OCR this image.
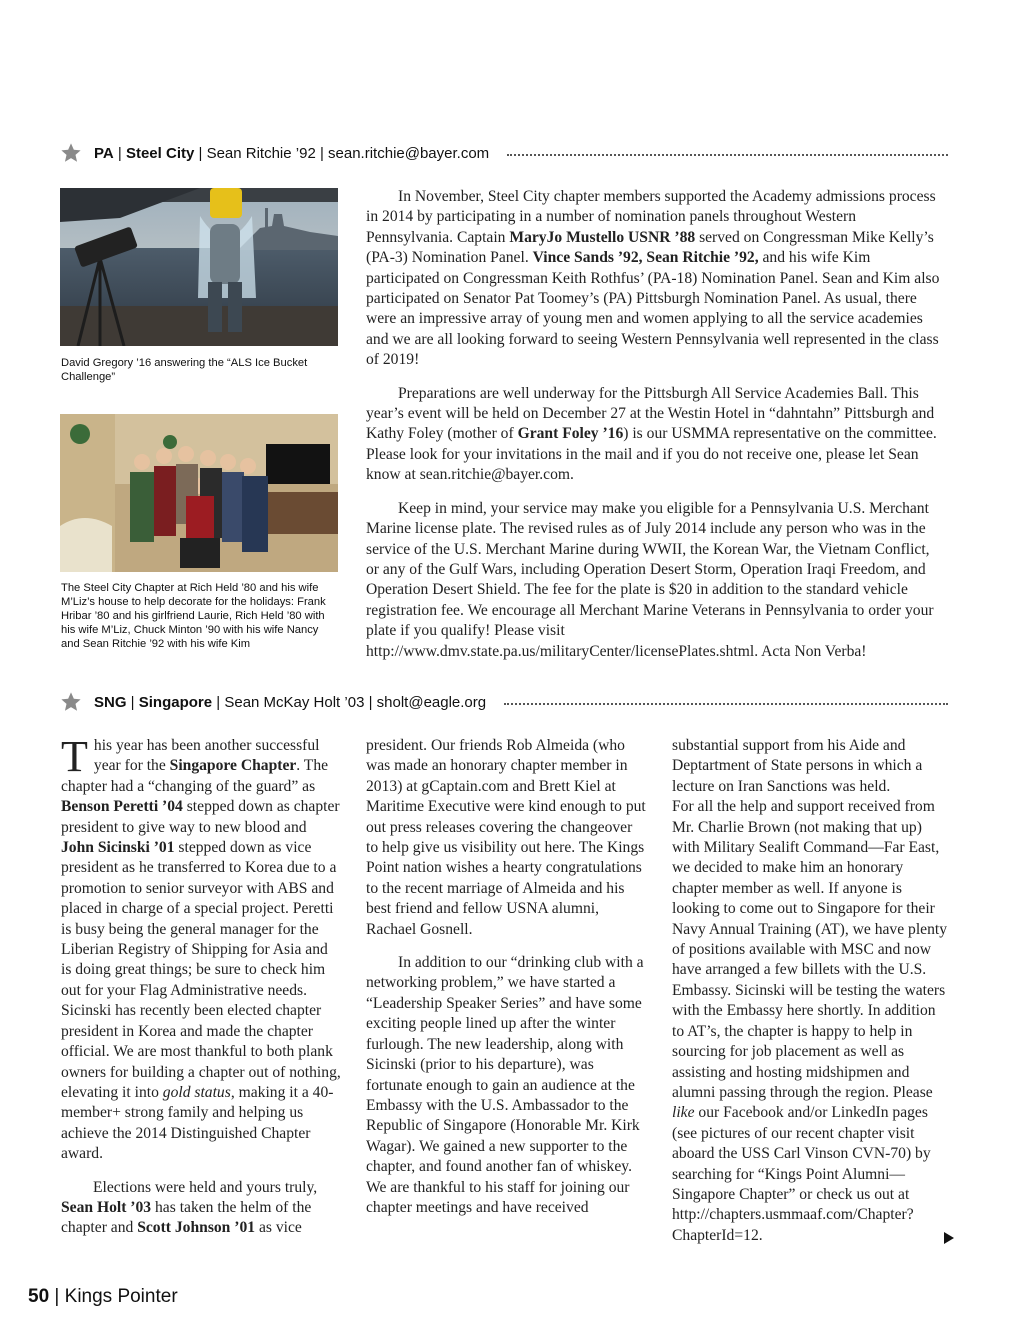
PA | Steel City | Sean Ritchie ’92 | sean.ritchie@bayer.com
David Gregory ’16 answering the “ALS Ice Bucket Challenge”
The Steel City Chapter at Rich Held ’80 and his wife M’Liz’s house to help decorate for the holidays: Frank Hribar ’80 and his girlfriend Laurie, Rich Held ’80 with his wife M’Liz, Chuck Minton ’90 with his wife Nancy and Sean Ritchie ’92 with his wife Kim

In November, Steel City chapter members supported the Academy admissions process in 2014 by participating in a number of nomination panels throughout Western Pennsylvania. Captain MaryJo Mustello USNR ’88 served on Congressman Mike Kelly’s (PA-3) Nomination Panel. Vince Sands ’92, Sean Ritchie ’92, and his wife Kim participated on Congressman Keith Rothfus’ (PA-18) Nomination Panel. Sean and Kim also participated on Senator Pat Toomey’s (PA) Pittsburgh Nomination Panel. As usual, there were an impressive array of young men and women applying to all the service academies and we are all looking forward to seeing Western Pennsylvania well represented in the class of 2019!

Preparations are well underway for the Pittsburgh All Service Academies Ball. This year’s event will be held on December 27 at the Westin Hotel in “dahntahn” Pittsburgh and Kathy Foley (mother of Grant Foley ’16) is our USMMA representative on the committee. Please look for your invitations in the mail and if you do not receive one, please let Sean know at sean.ritchie@bayer.com.

Keep in mind, your service may make you eligible for a Pennsylvania U.S. Merchant Marine license plate. The revised rules as of July 2014 include any person who was in the service of the U.S. Merchant Marine during WWII, the Korean War, the Vietnam Conflict, or any of the Gulf Wars, including Operation Desert Storm, Operation Iraqi Freedom, and Operation Desert Shield. The fee for the plate is $20 in addition to the standard vehicle registration fee. We encourage all Merchant Marine Veterans in Pennsylvania to order your plate if you qualify! Please visit http://www.dmv.state.pa.us/militaryCenter/licensePlates.shtml. Acta Non Verba!

SNG | Singapore | Sean McKay Holt ’03 | sholt@eagle.org

This year has been another successful year for the Singapore Chapter. The chapter had a “changing of the guard” as Benson Peretti ’04 stepped down as chapter president to give way to new blood and John Sicinski ’01 stepped down as vice president as he transferred to Korea due to a promotion to senior surveyor with ABS and placed in charge of a special project. Peretti is busy being the general manager for the Liberian Registry of Shipping for Asia and is doing great things; be sure to check him out for your Flag Administrative needs. Sicinski has recently been elected chapter president in Korea and made the chapter official. We are most thankful to both plank owners for building a chapter out of nothing, elevating it into gold status, making it a 40-member+ strong family and helping us achieve the 2014 Distinguished Chapter award.

Elections were held and yours truly, Sean Holt ’03 has taken the helm of the chapter and Scott Johnson ’01 as vice

president. Our friends Rob Almeida (who was made an honorary chapter member in 2013) at gCaptain.com and Brett Kiel at Maritime Executive were kind enough to put out press releases covering the changeover to help give us visibility out here. The Kings Point nation wishes a hearty congratulations to the recent marriage of Almeida and his best friend and fellow USNA alumni, Rachael Gosnell.

In addition to our “drinking club with a networking problem,” we have started a “Leadership Speaker Series” and have some exciting people lined up after the winter furlough. The new leadership, along with Sicinski (prior to his departure), was fortunate enough to gain an audience at the Embassy with the U.S. Ambassador to the Republic of Singapore (Honorable Mr. Kirk Wagar). We gained a new supporter to the chapter, and found another fan of whiskey. We are thankful to his staff for joining our chapter meetings and have received

substantial support from his Aide and Deptartment of State persons in which a lecture on Iran Sanctions was held.

For all the help and support received from Mr. Charlie Brown (not making that up) with Military Sealift Command—Far East, we decided to make him an honorary chapter member as well. If anyone is looking to come out to Singapore for their Navy Annual Training (AT), we have plenty of positions available with MSC and now have arranged a few billets with the U.S. Embassy. Sicinski will be testing the waters with the Embassy here shortly. In addition to AT’s, the chapter is happy to help in sourcing for job placement as well as assisting and hosting midshipmen and alumni passing through the region. Please like our Facebook and/or LinkedIn pages (see pictures of our recent chapter visit aboard the USS Carl Vinson CVN-70) by searching for “Kings Point Alumni—Singapore Chapter” or check us out at http://chapters.usmmaaf.com/Chapter?ChapterId=12.

50 | Kings Pointer
